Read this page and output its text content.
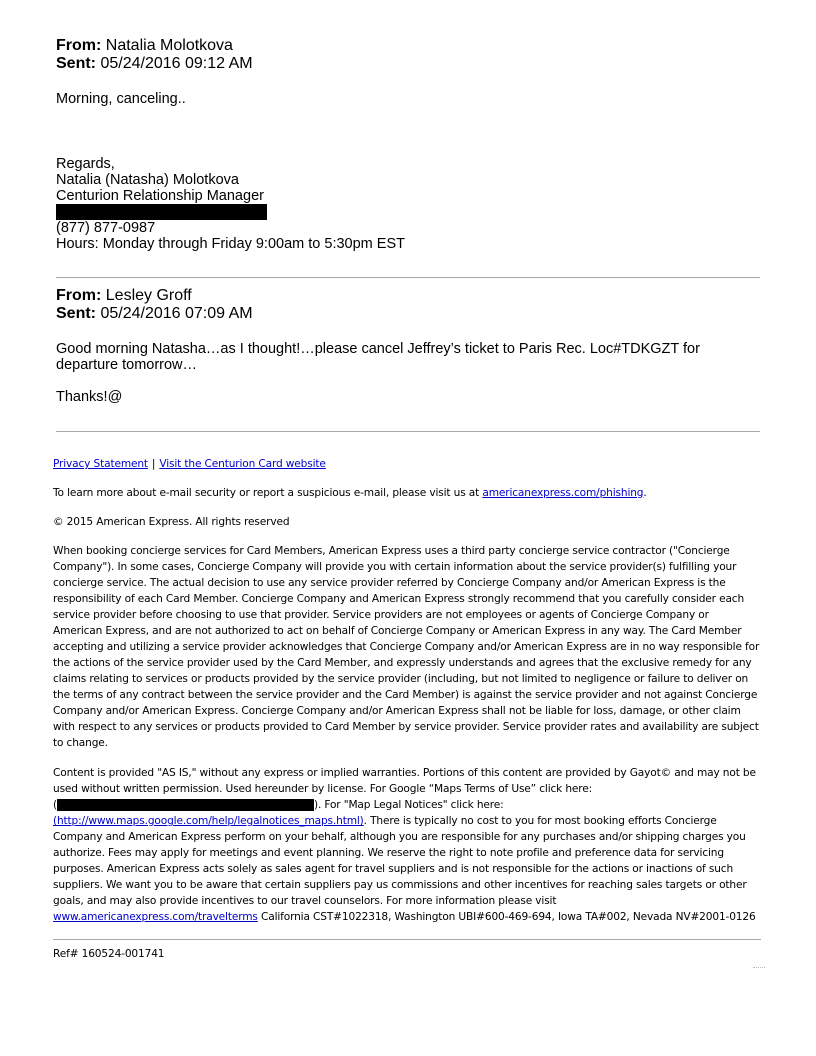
From: Natalia Molotkova
Sent: 05/24/2016 09:12 AM
Morning, canceling..
Regards,
Natalia (Natasha) Molotkova
Centurion Relationship Manager
(877) 877-0987
Hours: Monday through Friday 9:00am to 5:30pm EST
From: Lesley Groff
Sent: 05/24/2016 07:09 AM
Good morning Natasha…as I thought!…please cancel Jeffrey’s ticket to Paris Rec. Loc#TDKGZT for departure tomorrow…
Thanks!@
Privacy Statement | Visit the Centurion Card website
To learn more about e-mail security or report a suspicious e-mail, please visit us at americanexpress.com/phishing.
© 2015 American Express. All rights reserved
When booking concierge services for Card Members, American Express uses a third party concierge service contractor ("Concierge Company"). In some cases, Concierge Company will provide you with certain information about the service provider(s) fulfilling your concierge service. The actual decision to use any service provider referred by Concierge Company and/or American Express is the responsibility of each Card Member. Concierge Company and American Express strongly recommend that you carefully consider each service provider before choosing to use that provider. Service providers are not employees or agents of Concierge Company or American Express, and are not authorized to act on behalf of Concierge Company or American Express in any way. The Card Member accepting and utilizing a service provider acknowledges that Concierge Company and/or American Express are in no way responsible for the actions of the service provider used by the Card Member, and expressly understands and agrees that the exclusive remedy for any claims relating to services or products provided by the service provider (including, but not limited to negligence or failure to deliver on the terms of any contract between the service provider and the Card Member) is against the service provider and not against Concierge Company and/or American Express. Concierge Company and/or American Express shall not be liable for loss, damage, or other claim with respect to any services or products provided to Card Member by service provider. Service provider rates and availability are subject to change.
Content is provided "AS IS," without any express or implied warranties. Portions of this content are provided by Gayot© and may not be used without written permission. Used hereunder by license. For Google “Maps Terms of Use” click here:
(	). For "Map Legal Notices" click here:
(http://www.maps.google.com/help/legalnotices_maps.html). There is typically no cost to you for most booking efforts Concierge Company and American Express perform on your behalf, although you are responsible for any purchases and/or shipping charges you authorize. Fees may apply for meetings and event planning. We reserve the right to note profile and preference data for servicing purposes. American Express acts solely as sales agent for travel suppliers and is not responsible for the actions or inactions of such suppliers. We want you to be aware that certain suppliers pay us commissions and other incentives for reaching sales targets or other goals, and may also provide incentives to our travel counselors. For more information please visit www.americanexpress.com/travelterms California CST#1022318, Washington UBI#600-469-694, Iowa TA#002, Nevada NV#2001-0126
Ref# 160524-001741
